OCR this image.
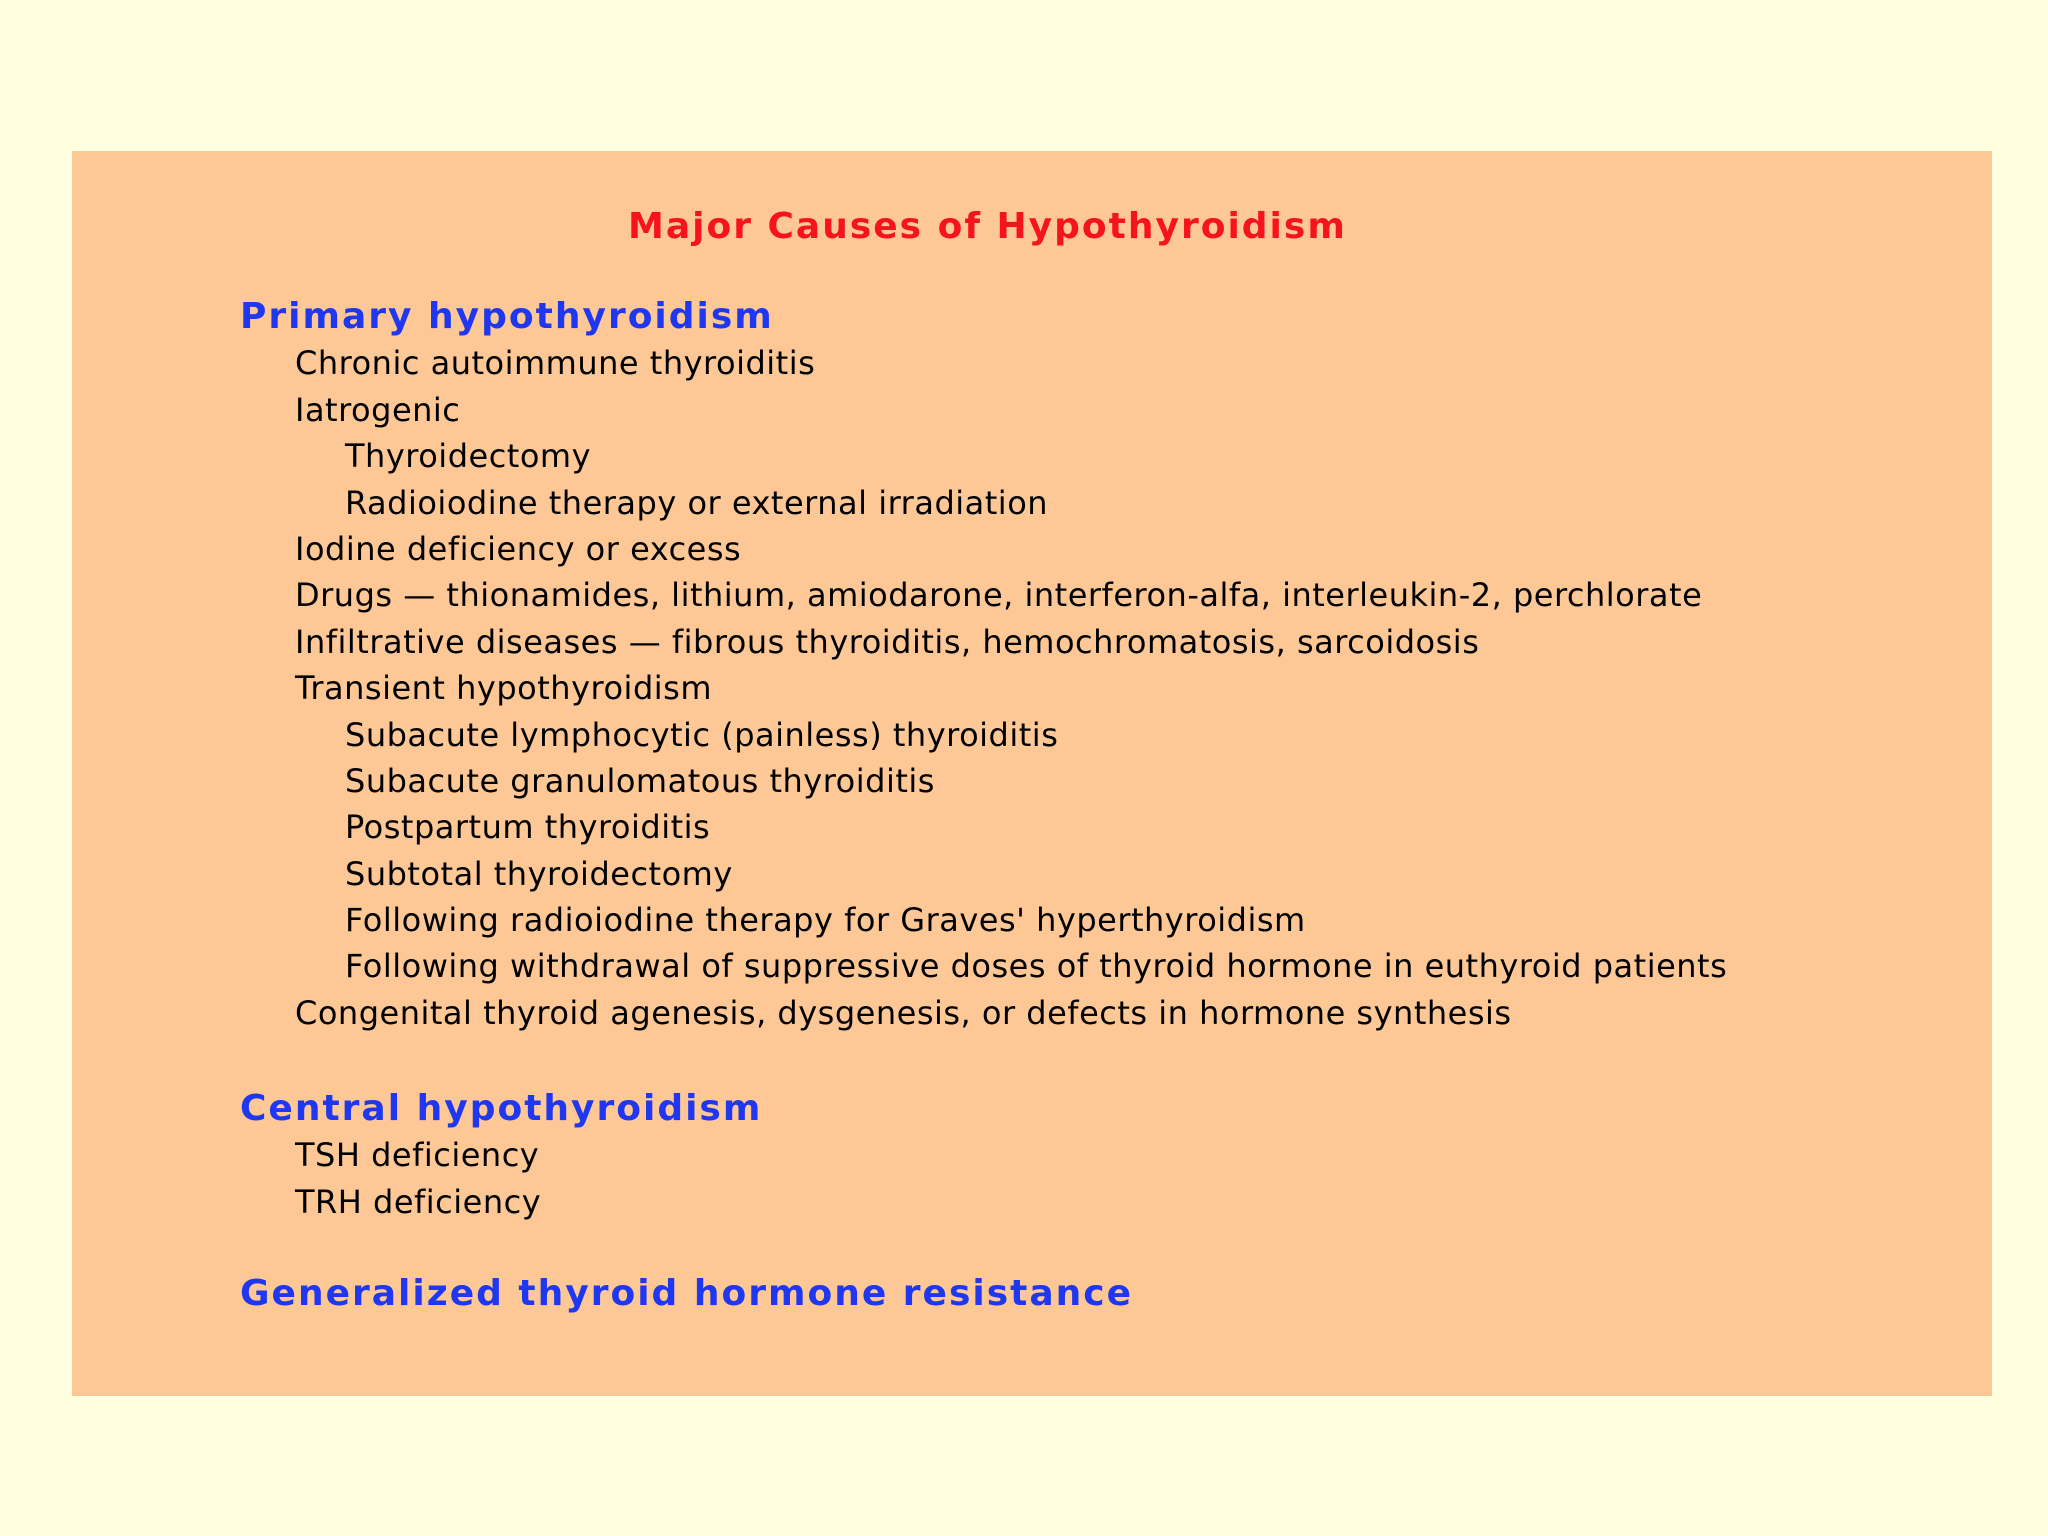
Major Causes of Hypothyroidism
Primary hypothyroidism
Chronic autoimmune thyroiditis
Iatrogenic
Thyroidectomy
Radioiodine therapy or external irradiation
Iodine deficiency or excess
Drugs — thionamides, lithium, amiodarone, interferon-alfa, interleukin-2, perchlorate
Infiltrative diseases — fibrous thyroiditis, hemochromatosis, sarcoidosis
Transient hypothyroidism
Subacute lymphocytic (painless) thyroiditis
Subacute granulomatous thyroiditis
Postpartum thyroiditis
Subtotal thyroidectomy
Following radioiodine therapy for Graves' hyperthyroidism
Following withdrawal of suppressive doses of thyroid hormone in euthyroid patients
Congenital thyroid agenesis, dysgenesis, or defects in hormone synthesis
Central hypothyroidism
TSH deficiency
TRH deficiency
Generalized thyroid hormone resistance
